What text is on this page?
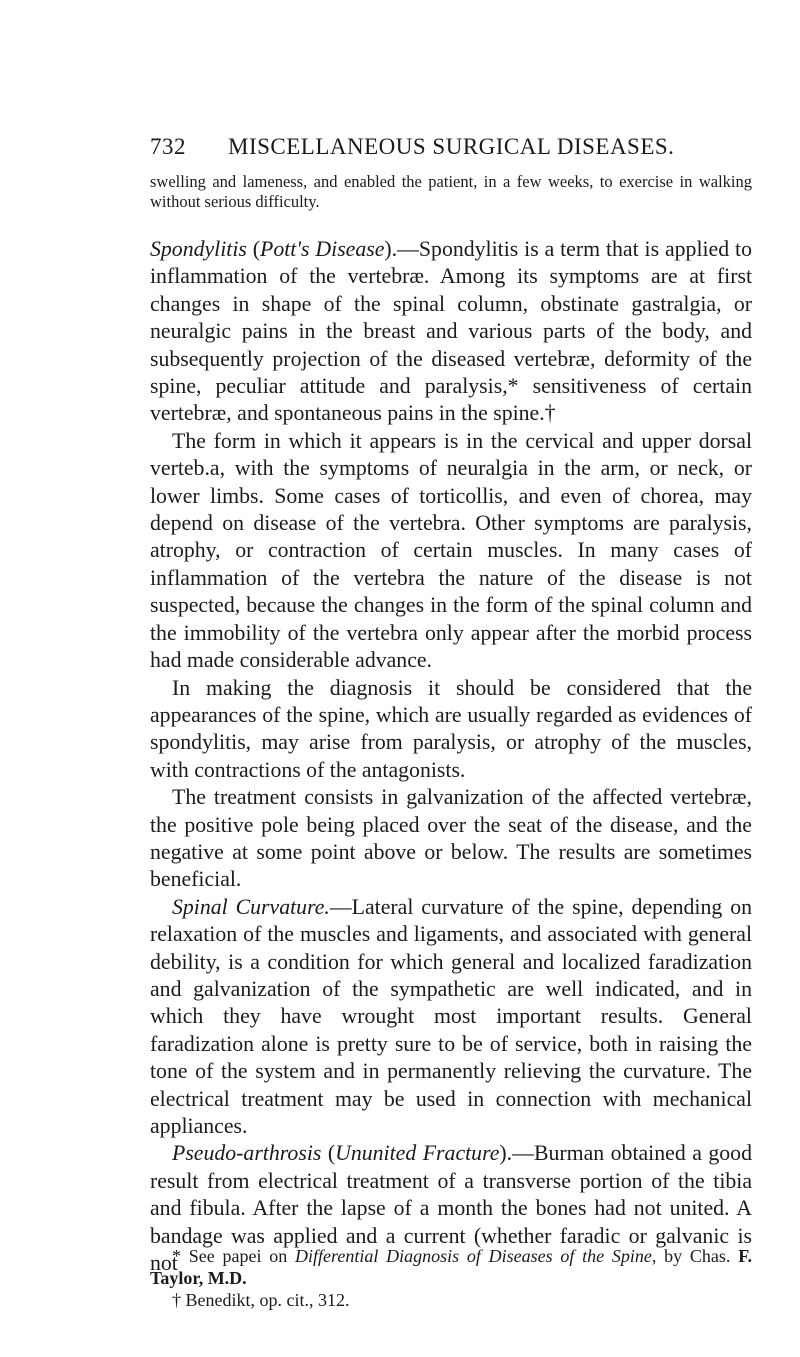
732 MISCELLANEOUS SURGICAL DISEASES.
swelling and lameness, and enabled the patient, in a few weeks, to exercise in walking without serious difficulty.

Spondylitis (Pott's Disease).—Spondylitis is a term that is applied to inflammation of the vertebræ. Among its symptoms are at first changes in shape of the spinal column, obstinate gastralgia, or neuralgic pains in the breast and various parts of the body, and subsequently projection of the diseased vertebræ, deformity of the spine, peculiar attitude and paralysis,* sensitiveness of certain vertebræ, and spontaneous pains in the spine.†

The form in which it appears is in the cervical and upper dorsal verteb.a, with the symptoms of neuralgia in the arm, or neck, or lower limbs. Some cases of torticollis, and even of chorea, may depend on disease of the vertebra. Other symptoms are paralysis, atrophy, or contraction of certain muscles. In many cases of inflammation of the vertebra the nature of the disease is not suspected, because the changes in the form of the spinal column and the immobility of the vertebra only appear after the morbid process had made considerable advance.

In making the diagnosis it should be considered that the appearances of the spine, which are usually regarded as evidences of spondylitis, may arise from paralysis, or atrophy of the muscles, with contractions of the antagonists.

The treatment consists in galvanization of the affected vertebræ, the positive pole being placed over the seat of the disease, and the negative at some point above or below. The results are sometimes beneficial.

Spinal Curvature.—Lateral curvature of the spine, depending on relaxation of the muscles and ligaments, and associated with general debility, is a condition for which general and localized faradization and galvanization of the sympathetic are well indicated, and in which they have wrought most important results. General faradization alone is pretty sure to be of service, both in raising the tone of the system and in permanently relieving the curvature. The electrical treatment may be used in connection with mechanical appliances.

Pseudo-arthrosis (Ununited Fracture).—Burman obtained a good result from electrical treatment of a transverse portion of the tibia and fibula. After the lapse of a month the bones had not united. A bandage was applied and a current (whether faradic or galvanic is not

* See papei on Differential Diagnosis of Diseases of the Spine, by Chas. F. Taylor, M.D.

† Benedikt, op. cit., 312.
